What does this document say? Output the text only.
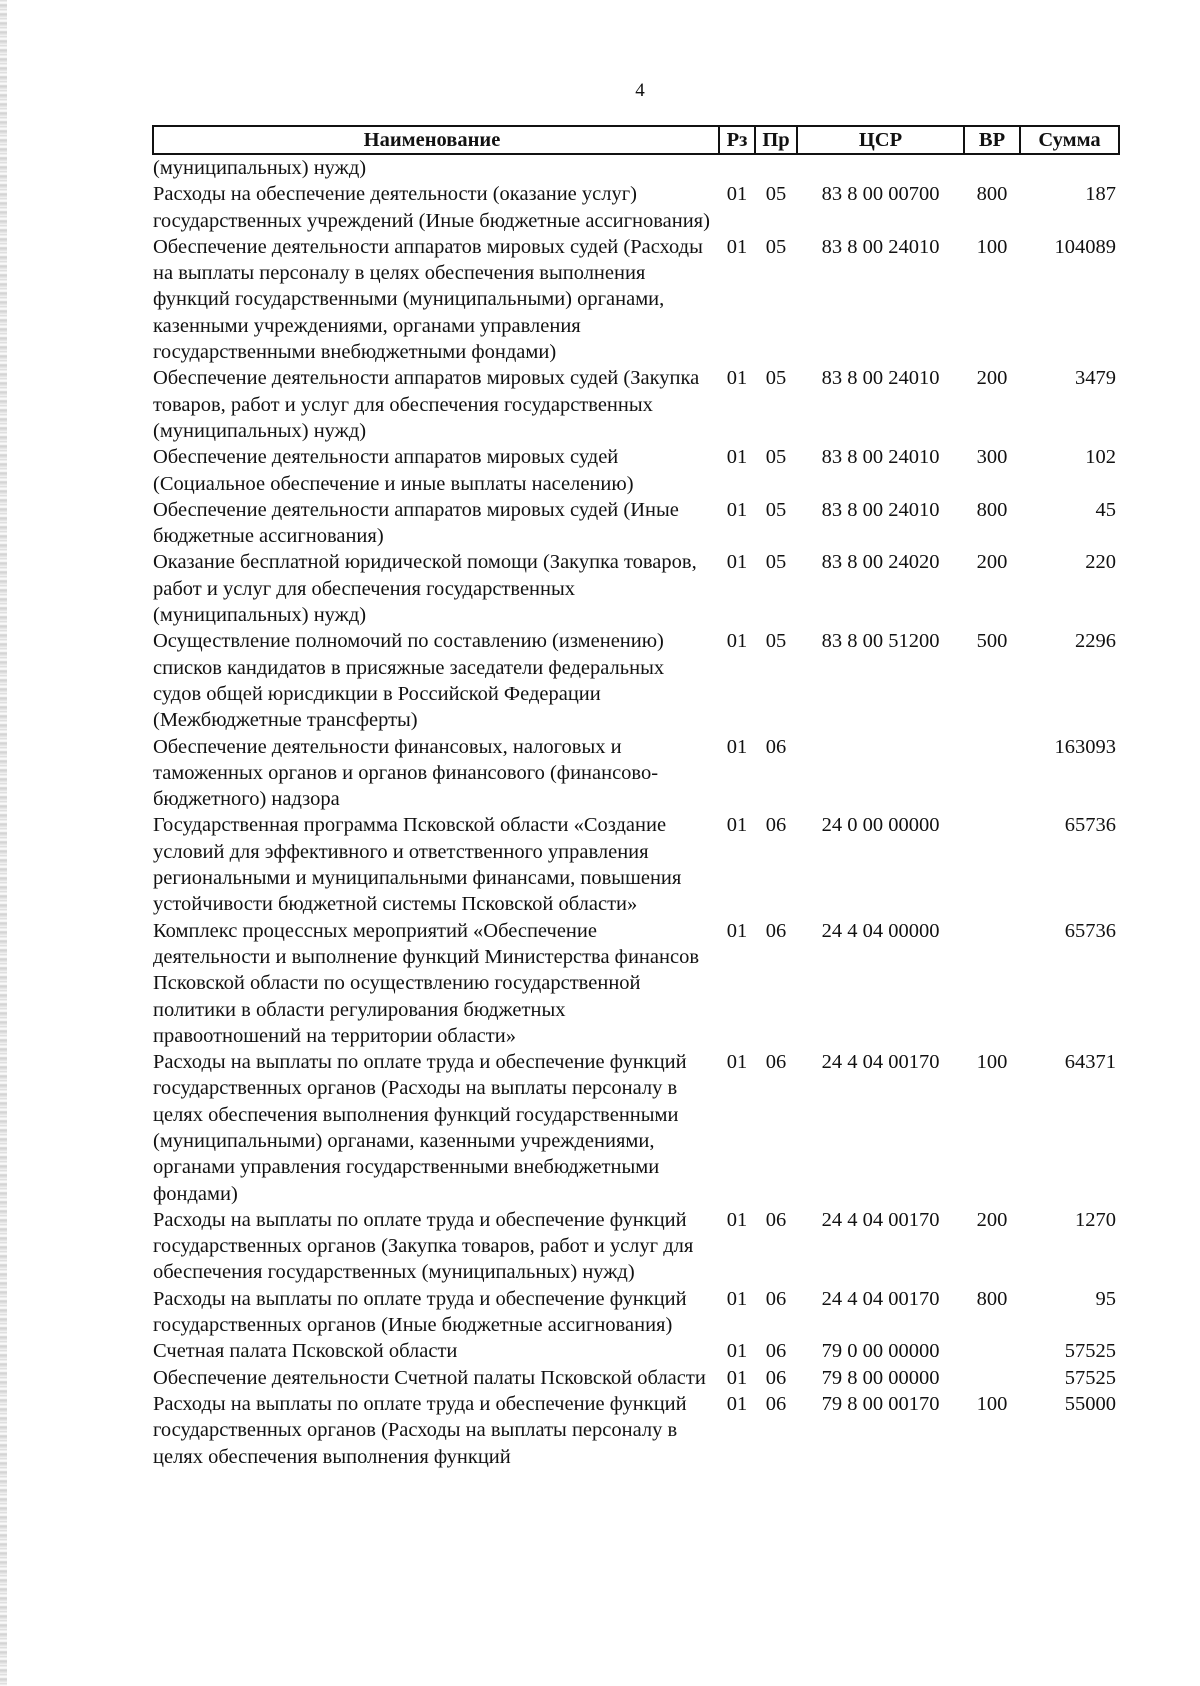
4
Наименование	Рз	Пр	ЦСР	ВР	Сумма
(муниципальных) нужд)					
Расходы на обеспечение деятельности (оказание услуг) государственных учреждений (Иные бюджетные ассигнования)	01	05	83 8 00 00700	800	187
Обеспечение деятельности аппаратов мировых судей (Расходы на выплаты персоналу в целях обеспечения выполнения функций государственными (муниципальными) органами, казенными учреждениями, органами управления государственными внебюджетными фондами)	01	05	83 8 00 24010	100	104089
Обеспечение деятельности аппаратов мировых судей (Закупка товаров, работ и услуг для обеспечения государственных (муниципальных) нужд)	01	05	83 8 00 24010	200	3479
Обеспечение деятельности аппаратов мировых судей (Социальное обеспечение и иные выплаты населению)	01	05	83 8 00 24010	300	102
Обеспечение деятельности аппаратов мировых судей (Иные бюджетные ассигнования)	01	05	83 8 00 24010	800	45
Оказание бесплатной юридической помощи (Закупка товаров, работ и услуг для обеспечения государственных (муниципальных) нужд)	01	05	83 8 00 24020	200	220
Осуществление полномочий по составлению (изменению) списков кандидатов в присяжные заседатели федеральных судов общей юрисдикции в Российской Федерации (Межбюджетные трансферты)	01	05	83 8 00 51200	500	2296
Обеспечение деятельности финансовых, налоговых и таможенных органов и органов финансового (финансово-бюджетного) надзора	01	06			163093
Государственная программа Псковской области «Создание условий для эффективного и ответственного управления региональными и муниципальными финансами, повышения устойчивости бюджетной системы Псковской области»	01	06	24 0 00 00000		65736
Комплекс процессных мероприятий «Обеспечение деятельности и выполнение функций Министерства финансов Псковской области по осуществлению государственной политики в области регулирования бюджетных правоотношений на территории области»	01	06	24 4 04 00000		65736
Расходы на выплаты по оплате труда и обеспечение функций государственных органов (Расходы на выплаты персоналу в целях обеспечения выполнения функций государственными (муниципальными) органами, казенными учреждениями, органами управления государственными внебюджетными фондами)	01	06	24 4 04 00170	100	64371
Расходы на выплаты по оплате труда и обеспечение функций государственных органов (Закупка товаров, работ и услуг для обеспечения государственных (муниципальных) нужд)	01	06	24 4 04 00170	200	1270
Расходы на выплаты по оплате труда и обеспечение функций государственных органов (Иные бюджетные ассигнования)	01	06	24 4 04 00170	800	95
Счетная палата Псковской области	01	06	79 0 00 00000		57525
Обеспечение деятельности Счетной палаты Псковской области	01	06	79 8 00 00000		57525
Расходы на выплаты по оплате труда и обеспечение функций государственных органов (Расходы на выплаты персоналу в целях обеспечения выполнения функций	01	06	79 8 00 00170	100	55000
